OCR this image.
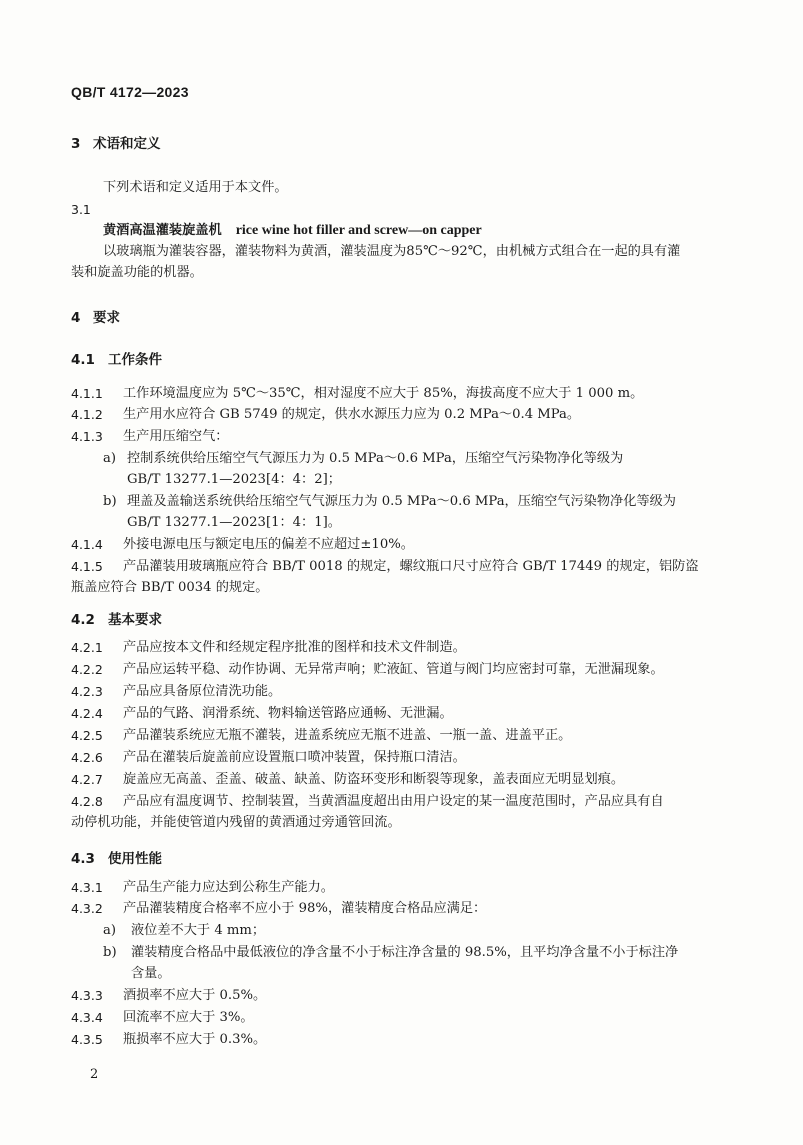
QB/T 4172—2023
3 术语和定义
下列术语和定义适用于本文件。
3.1
黄酒高温灌装旋盖机 rice wine hot filler and screw—on capper
以玻璃瓶为灌装容器，灌装物料为黄酒，灌装温度为85℃～92℃，由机械方式组合在一起的具有灌
装和旋盖功能的机器。
4 要求
4.1 工作条件
4.1.1 工作环境温度应为 5℃～35℃，相对湿度不应大于 85%，海拔高度不应大于 1 000 m。
4.1.2 生产用水应符合 GB 5749 的规定，供水水源压力应为 0.2 MPa～0.4 MPa。
4.1.3 生产用压缩空气：
a) 控制系统供给压缩空气气源压力为 0.5 MPa～0.6 MPa，压缩空气污染物净化等级为
GB/T 13277.1—2023[4：4：2]；
b) 理盖及盖输送系统供给压缩空气气源压力为 0.5 MPa～0.6 MPa，压缩空气污染物净化等级为
GB/T 13277.1—2023[1：4：1]。
4.1.4 外接电源电压与额定电压的偏差不应超过±10%。
4.1.5 产品灌装用玻璃瓶应符合 BB/T 0018 的规定，螺纹瓶口尺寸应符合 GB/T 17449 的规定，铝防盗
瓶盖应符合 BB/T 0034 的规定。
4.2 基本要求
4.2.1 产品应按本文件和经规定程序批准的图样和技术文件制造。
4.2.2 产品应运转平稳、动作协调、无异常声响；贮液缸、管道与阀门均应密封可靠，无泄漏现象。
4.2.3 产品应具备原位清洗功能。
4.2.4 产品的气路、润滑系统、物料输送管路应通畅、无泄漏。
4.2.5 产品灌装系统应无瓶不灌装，进盖系统应无瓶不进盖、一瓶一盖、进盖平正。
4.2.6 产品在灌装后旋盖前应设置瓶口喷冲装置，保持瓶口清洁。
4.2.7 旋盖应无高盖、歪盖、破盖、缺盖、防盗环变形和断裂等现象，盖表面应无明显划痕。
4.2.8 产品应有温度调节、控制装置，当黄酒温度超出由用户设定的某一温度范围时，产品应具有自
动停机功能，并能使管道内残留的黄酒通过旁通管回流。
4.3 使用性能
4.3.1 产品生产能力应达到公称生产能力。
4.3.2 产品灌装精度合格率不应小于 98%，灌装精度合格品应满足：
a) 液位差不大于 4 mm；
b) 灌装精度合格品中最低液位的净含量不小于标注净含量的 98.5%，且平均净含量不小于标注净
含量。
4.3.3 酒损率不应大于 0.5%。
4.3.4 回流率不应大于 3%。
4.3.5 瓶损率不应大于 0.3%。
2
